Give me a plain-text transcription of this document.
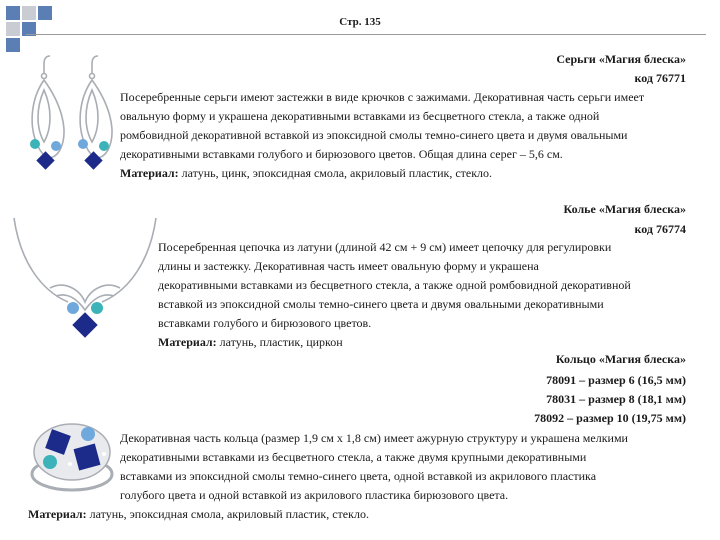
Стр. 135
Серьги «Магия блеска»
код 76771
Посеребренные серьги имеют застежки в виде крючков с зажимами. Декоративная часть серьги имеет
овальную форму и украшена декоративными вставками из бесцветного стекла, а также одной
ромбовидной декоративной вставкой из эпоксидной смолы темно-синего цвета и двумя овальными
декоративными вставками голубого и бирюзового цветов. Общая длина серег – 5,6 см.
Материал: латунь, цинк, эпоксидная смола, акриловый пластик, стекло.
Колье «Магия блеска»
код 76774
Посеребренная цепочка из латуни (длиной 42 см + 9 см) имеет цепочку для регулировки
длины и застежку. Декоративная часть имеет овальную форму и украшена
декоративными вставками из бесцветного стекла, а также одной ромбовидной декоративной
вставкой из эпоксидной смолы темно-синего цвета и двумя овальными декоративными
вставками голубого и бирюзового цветов.
Материал: латунь, пластик, циркон
Кольцо «Магия блеска»
78091 – размер 6 (16,5 мм)
78031 – размер 8 (18,1 мм)
78092 – размер 10 (19,75 мм)
Декоративная часть кольца (размер 1,9 см х 1,8 см) имеет ажурную структуру и украшена мелкими
декоративными вставками из бесцветного стекла, а также двумя крупными декоративными
вставками из эпоксидной смолы темно-синего цвета, одной вставкой из акрилового пластика
голубого цвета и одной вставкой из акрилового пластика бирюзового цвета.
Материал: латунь, эпоксидная смола, акриловый пластик, стекло.
